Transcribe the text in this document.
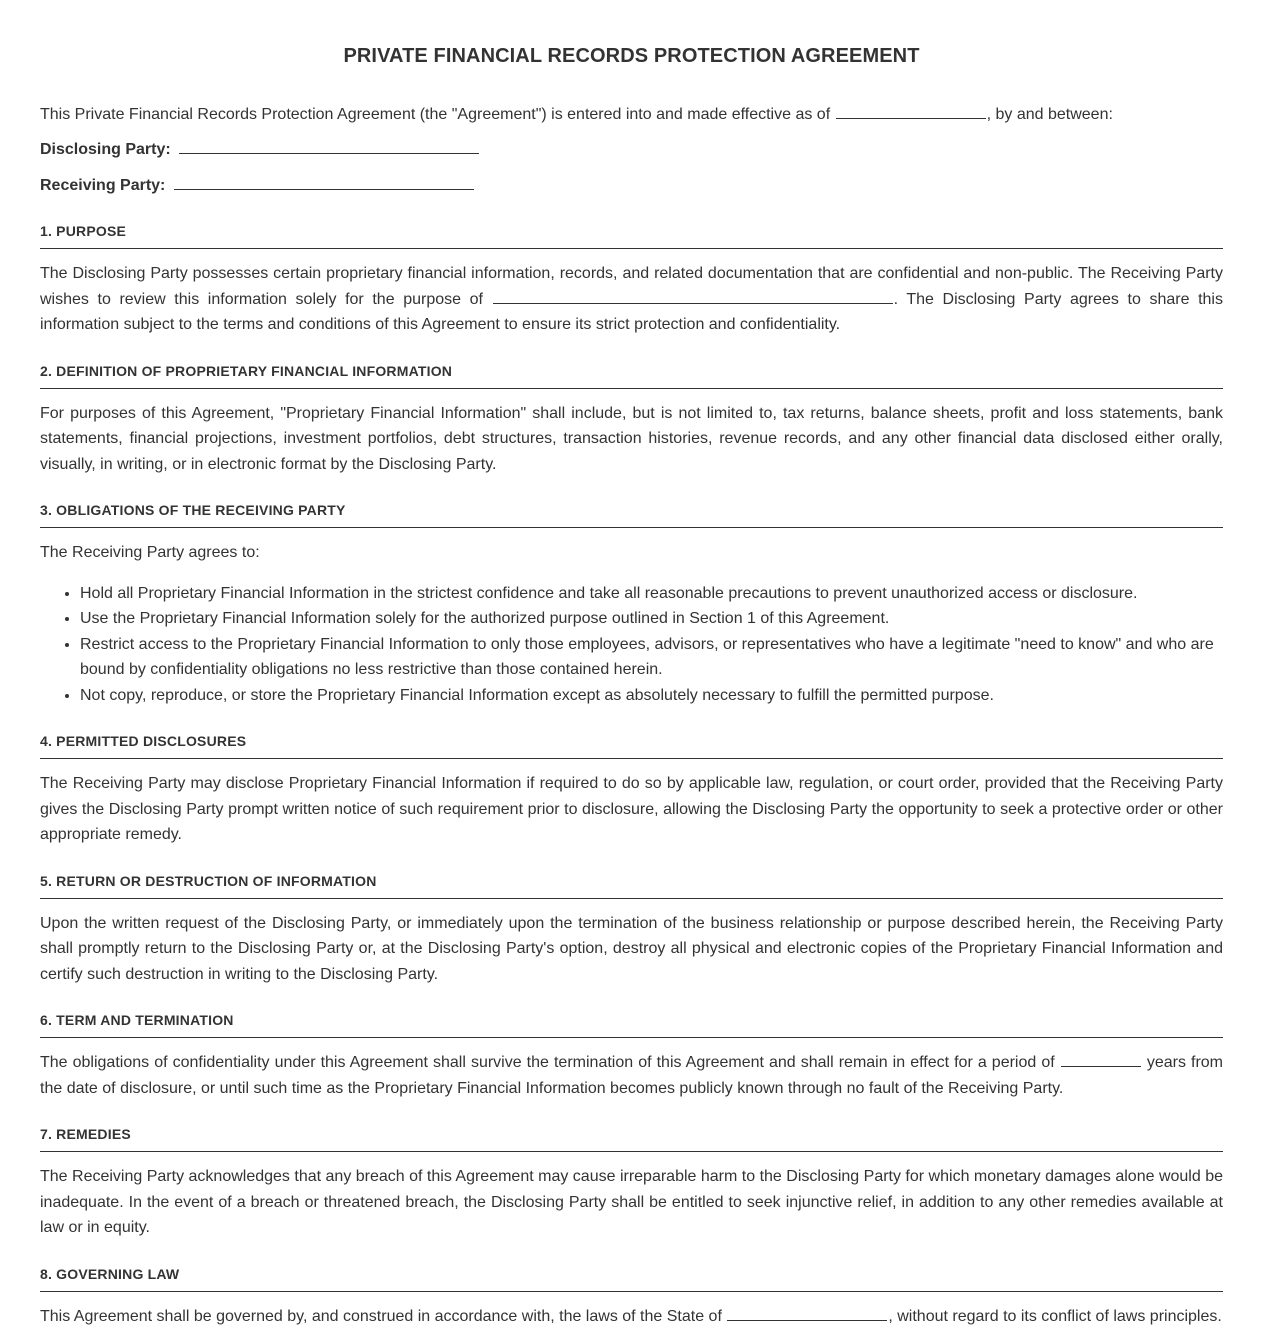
PRIVATE FINANCIAL RECORDS PROTECTION AGREEMENT
This Private Financial Records Protection Agreement (the "Agreement") is entered into and made effective as of	, by and between:
Disclosing Party:
Receiving Party:
1. PURPOSE
The Disclosing Party possesses certain proprietary financial information, records, and related documentation that are confidential and non-public. The Receiving Party wishes to review this information solely for the purpose of	. The Disclosing Party agrees to share this information subject to the terms and conditions of this Agreement to ensure its strict protection and confidentiality.
2. DEFINITION OF PROPRIETARY FINANCIAL INFORMATION
For purposes of this Agreement, "Proprietary Financial Information" shall include, but is not limited to, tax returns, balance sheets, profit and loss statements, bank statements, financial projections, investment portfolios, debt structures, transaction histories, revenue records, and any other financial data disclosed either orally, visually, in writing, or in electronic format by the Disclosing Party.
3. OBLIGATIONS OF THE RECEIVING PARTY
The Receiving Party agrees to:
• Hold all Proprietary Financial Information in the strictest confidence and take all reasonable precautions to prevent unauthorized access or disclosure.
• Use the Proprietary Financial Information solely for the authorized purpose outlined in Section 1 of this Agreement.
• Restrict access to the Proprietary Financial Information to only those employees, advisors, or representatives who have a legitimate "need to know" and who are bound by confidentiality obligations no less restrictive than those contained herein.
• Not copy, reproduce, or store the Proprietary Financial Information except as absolutely necessary to fulfill the permitted purpose.
4. PERMITTED DISCLOSURES
The Receiving Party may disclose Proprietary Financial Information if required to do so by applicable law, regulation, or court order, provided that the Receiving Party gives the Disclosing Party prompt written notice of such requirement prior to disclosure, allowing the Disclosing Party the opportunity to seek a protective order or other appropriate remedy.
5. RETURN OR DESTRUCTION OF INFORMATION
Upon the written request of the Disclosing Party, or immediately upon the termination of the business relationship or purpose described herein, the Receiving Party shall promptly return to the Disclosing Party or, at the Disclosing Party's option, destroy all physical and electronic copies of the Proprietary Financial Information and certify such destruction in writing to the Disclosing Party.
6. TERM AND TERMINATION
The obligations of confidentiality under this Agreement shall survive the termination of this Agreement and shall remain in effect for a period of	years from the date of disclosure, or until such time as the Proprietary Financial Information becomes publicly known through no fault of the Receiving Party.
7. REMEDIES
The Receiving Party acknowledges that any breach of this Agreement may cause irreparable harm to the Disclosing Party for which monetary damages alone would be inadequate. In the event of a breach or threatened breach, the Disclosing Party shall be entitled to seek injunctive relief, in addition to any other remedies available at law or in equity.
8. GOVERNING LAW
This Agreement shall be governed by, and construed in accordance with, the laws of the State of	, without regard to its conflict of laws principles.
